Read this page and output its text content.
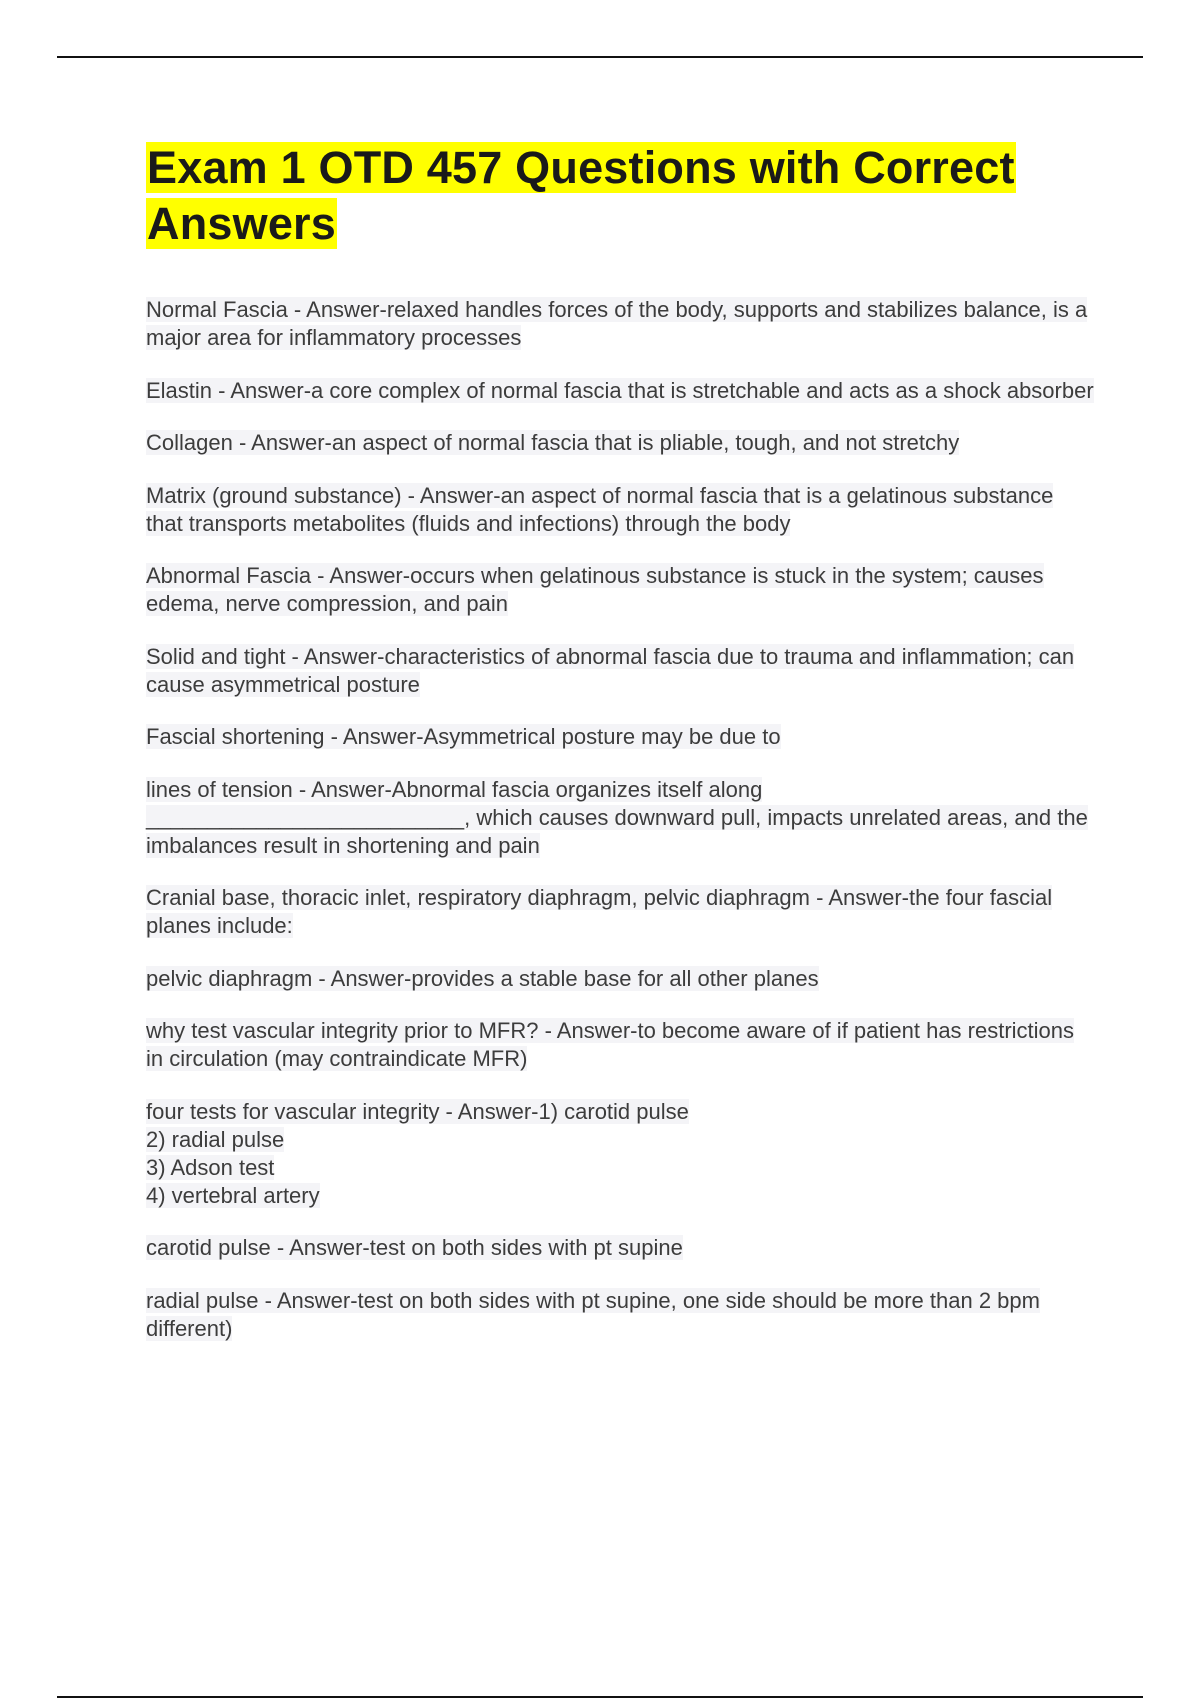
Exam 1 OTD 457 Questions with Correct Answers
Normal Fascia - Answer-relaxed handles forces of the body, supports and stabilizes balance, is a major area for inflammatory processes
Elastin - Answer-a core complex of normal fascia that is stretchable and acts as a shock absorber
Collagen - Answer-an aspect of normal fascia that is pliable, tough, and not stretchy
Matrix (ground substance) - Answer-an aspect of normal fascia that is a gelatinous substance that transports metabolites (fluids and infections) through the body
Abnormal Fascia - Answer-occurs when gelatinous substance is stuck in the system; causes edema, nerve compression, and pain
Solid and tight - Answer-characteristics of abnormal fascia due to trauma and inflammation; can cause asymmetrical posture
Fascial shortening - Answer-Asymmetrical posture may be due to
lines of tension - Answer-Abnormal fascia organizes itself along
__________________________, which causes downward pull, impacts unrelated areas, and the imbalances result in shortening and pain
Cranial base, thoracic inlet, respiratory diaphragm, pelvic diaphragm - Answer-the four fascial planes include:
pelvic diaphragm - Answer-provides a stable base for all other planes
why test vascular integrity prior to MFR? - Answer-to become aware of if patient has restrictions in circulation (may contraindicate MFR)
four tests for vascular integrity - Answer-1) carotid pulse
2) radial pulse
3) Adson test
4) vertebral artery
carotid pulse - Answer-test on both sides with pt supine
radial pulse - Answer-test on both sides with pt supine, one side should be more than 2 bpm different)
